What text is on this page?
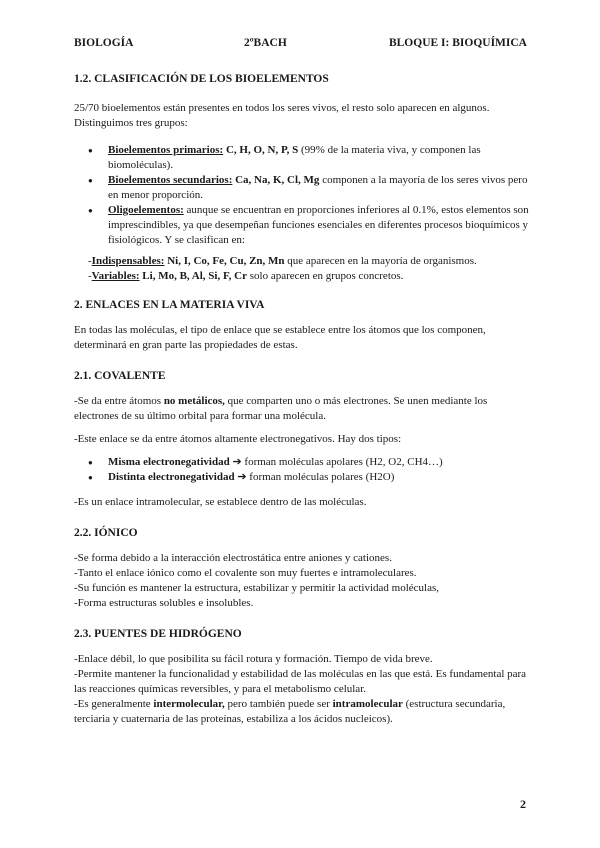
BIOLOGÍA	2ºBACH	BLOQUE I: BIOQUÍMICA
1.2. CLASIFICACIÓN DE LOS BIOELEMENTOS

25/70 bioelementos están presentes en todos los seres vivos, el resto solo aparecen en algunos. Distinguimos tres grupos:

● Bioelementos primarios: C, H, O, N, P, S (99% de la materia viva, y componen las biomoléculas).
● Bioelementos secundarios: Ca, Na, K, Cl, Mg componen a la mayoría de los seres vivos pero en menor proporción.
● Oligoelementos: aunque se encuentran en proporciones inferiores al 0.1%, estos elementos son imprescindibles, ya que desempeñan funciones esenciales en diferentes procesos bioquímicos y fisiológicos. Y se clasifican en:

-Indispensables: Ni, I, Co, Fe, Cu, Zn, Mn que aparecen en la mayoría de organismos.

-Variables: Li, Mo, B, Al, Si, F, Cr solo aparecen en grupos concretos.

2. ENLACES EN LA MATERIA VIVA

En todas las moléculas, el tipo de enlace que se establece entre los átomos que los componen, determinará en gran parte las propiedades de estas.

2.1. COVALENTE

-Se da entre átomos no metálicos, que comparten uno o más electrones. Se unen mediante los electrones de su último orbital para formar una molécula.

-Este enlace se da entre átomos altamente electronegativos. Hay dos tipos:

● Misma electronegatividad ➔ forman moléculas apolares (H2, O2, CH4…)
● Distinta electronegatividad ➔ forman moléculas polares (H2O)

-Es un enlace intramolecular, se establece dentro de las moléculas.

2.2. IÓNICO

-Se forma debido a la interacción electrostática entre aniones y cationes.

-Tanto el enlace iónico como el covalente son muy fuertes e intramoleculares.

-Su función es mantener la estructura, estabilizar y permitir la actividad moléculas,

-Forma estructuras solubles e insolubles.

2.3. PUENTES DE HIDRÓGENO

-Enlace débil, lo que posibilita su fácil rotura y formación. Tiempo de vida breve.

-Permite mantener la funcionalidad y estabilidad de las moléculas en las que está. Es fundamental para las reacciones químicas reversibles, y para el metabolismo celular.

-Es generalmente intermolecular, pero también puede ser intramolecular (estructura secundaria, terciaria y cuaternaria de las proteínas, estabiliza a los ácidos nucleicos).

2
